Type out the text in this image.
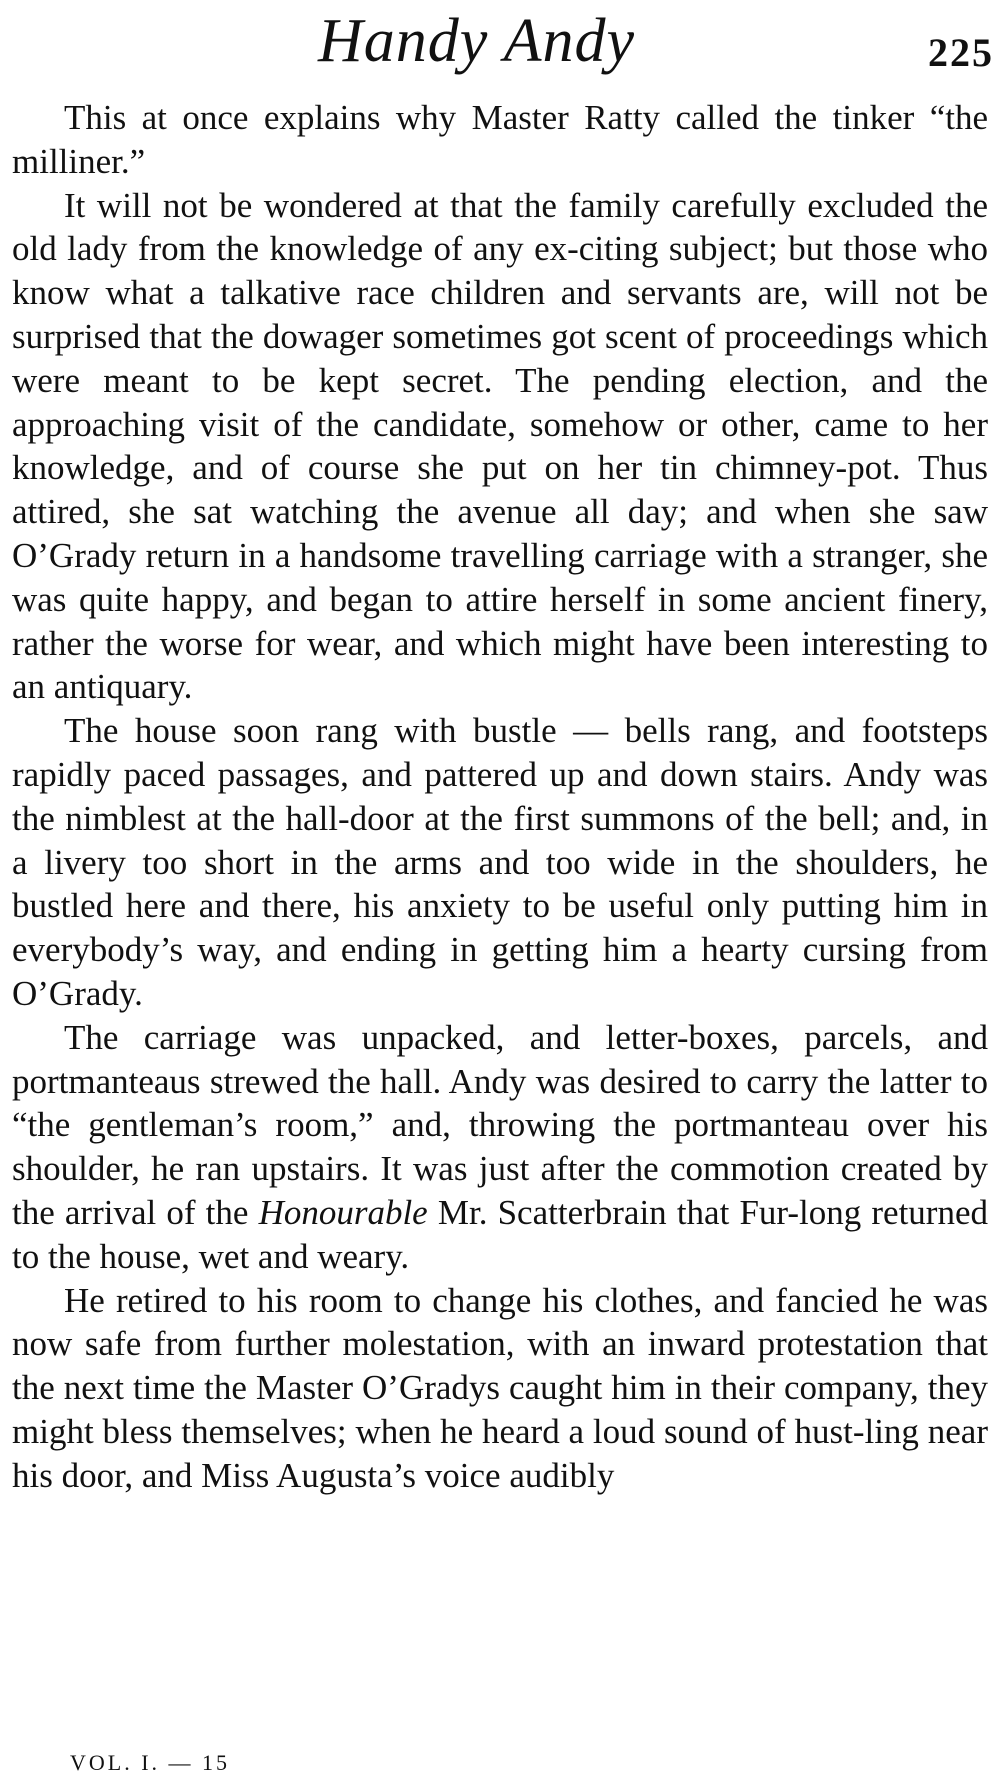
Handy Andy	225

This at once explains why Master Ratty called the tinker “the milliner.”

It will not be wondered at that the family carefully excluded the old lady from the knowledge of any ex-citing subject; but those who know what a talkative race children and servants are, will not be surprised that the dowager sometimes got scent of proceedings which were meant to be kept secret. The pending election, and the approaching visit of the candidate, somehow or other, came to her knowledge, and of course she put on her tin chimney-pot. Thus attired, she sat watching the avenue all day; and when she saw O’Grady return in a handsome travelling carriage with a stranger, she was quite happy, and began to attire herself in some ancient finery, rather the worse for wear, and which might have been interesting to an antiquary.

The house soon rang with bustle — bells rang, and footsteps rapidly paced passages, and pattered up and down stairs. Andy was the nimblest at the hall-door at the first summons of the bell; and, in a livery too short in the arms and too wide in the shoulders, he bustled here and there, his anxiety to be useful only putting him in everybody’s way, and ending in getting him a hearty cursing from O’Grady.

The carriage was unpacked, and letter-boxes, parcels, and portmanteaus strewed the hall. Andy was desired to carry the latter to “the gentleman’s room,” and, throwing the portmanteau over his shoulder, he ran upstairs. It was just after the commotion created by the arrival of the Honourable Mr. Scatterbrain that Fur-long returned to the house, wet and weary.

He retired to his room to change his clothes, and fancied he was now safe from further molestation, with an inward protestation that the next time the Master O’Gradys caught him in their company, they might bless themselves; when he heard a loud sound of hust-ling near his door, and Miss Augusta’s voice audibly

VOL. I. — 15
